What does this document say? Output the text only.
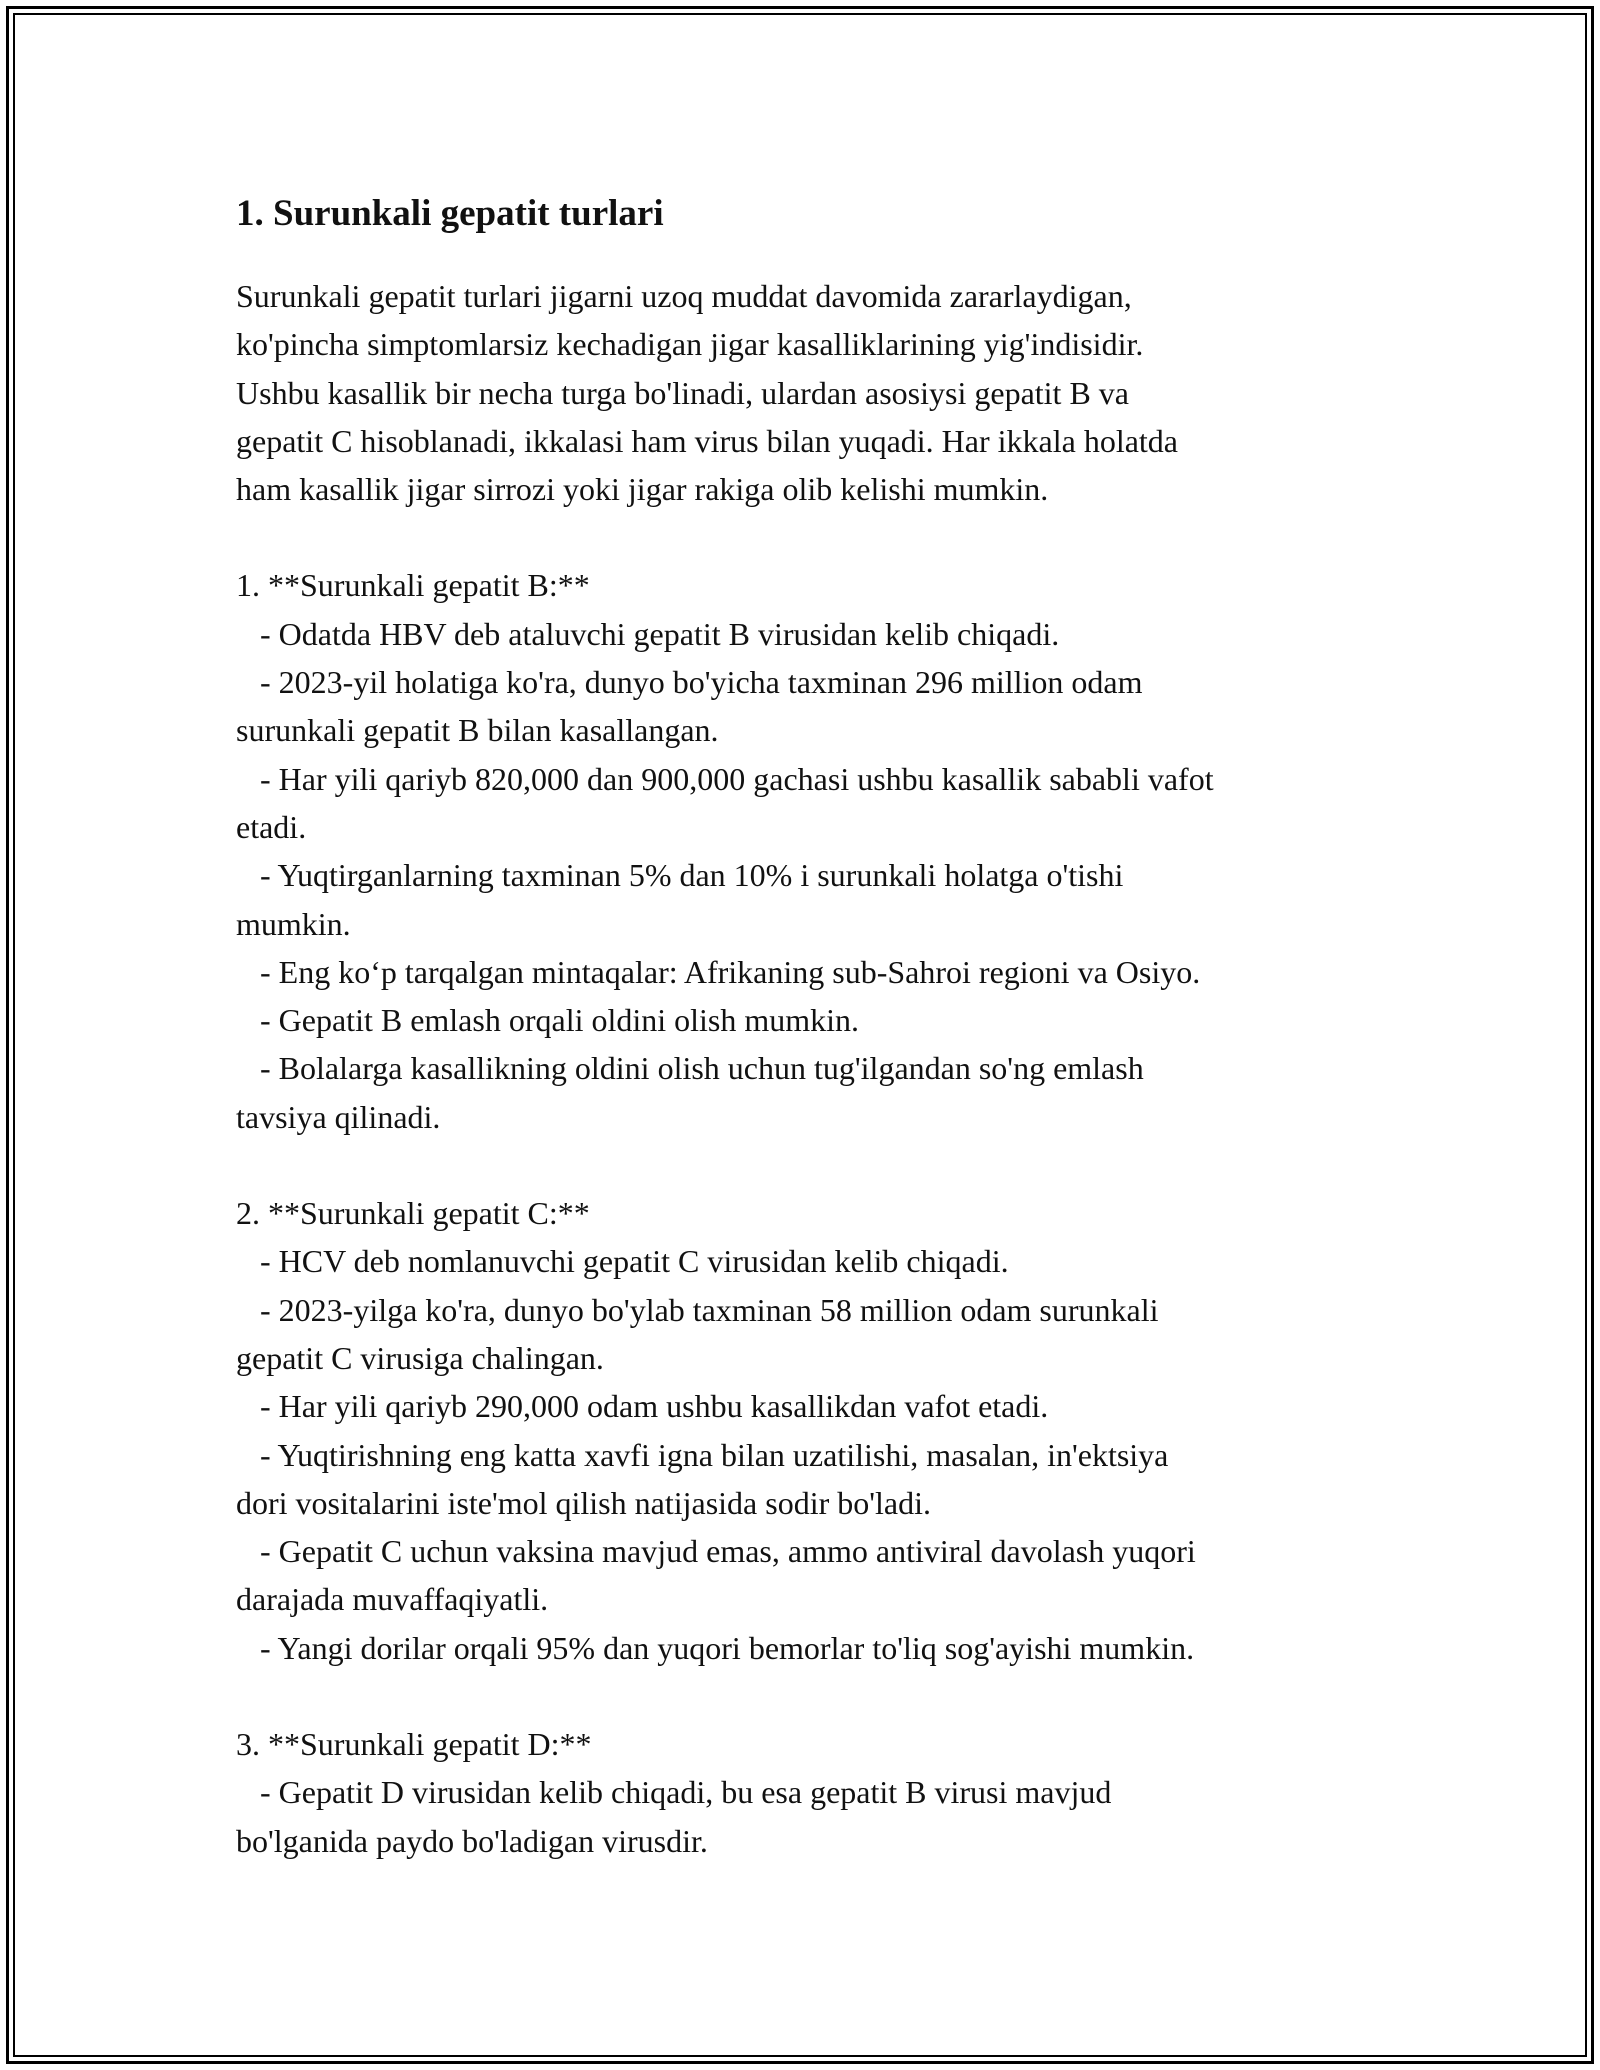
1. Surunkali gepatit turlari

Surunkali gepatit turlari jigarni uzoq muddat davomida zararlaydigan,
ko'pincha simptomlarsiz kechadigan jigar kasalliklarining yig'indisidir.
Ushbu kasallik bir necha turga bo'linadi, ulardan asosiysi gepatit B va
gepatit C hisoblanadi, ikkalasi ham virus bilan yuqadi. Har ikkala holatda
ham kasallik jigar sirrozi yoki jigar rakiga olib kelishi mumkin.

1. **Surunkali gepatit B:**

- Odatda HBV deb ataluvchi gepatit B virusidan kelib chiqadi.

- 2023-yil holatiga ko'ra, dunyo bo'yicha taxminan 296 million odam
surunkali gepatit B bilan kasallangan.

- Har yili qariyb 820,000 dan 900,000 gachasi ushbu kasallik sababli vafot
etadi.

- Yuqtirganlarning taxminan 5% dan 10% i surunkali holatga o'tishi
mumkin.

- Eng ko‘p tarqalgan mintaqalar: Afrikaning sub-Sahroi regioni va Osiyo.

- Gepatit B emlash orqali oldini olish mumkin.

- Bolalarga kasallikning oldini olish uchun tug'ilgandan so'ng emlash
tavsiya qilinadi.

2. **Surunkali gepatit C:**

- HCV deb nomlanuvchi gepatit C virusidan kelib chiqadi.

- 2023-yilga ko'ra, dunyo bo'ylab taxminan 58 million odam surunkali
gepatit C virusiga chalingan.

- Har yili qariyb 290,000 odam ushbu kasallikdan vafot etadi.

- Yuqtirishning eng katta xavfi igna bilan uzatilishi, masalan, in'ektsiya
dori vositalarini iste'mol qilish natijasida sodir bo'ladi.

- Gepatit C uchun vaksina mavjud emas, ammo antiviral davolash yuqori
darajada muvaffaqiyatli.

- Yangi dorilar orqali 95% dan yuqori bemorlar to'liq sog'ayishi mumkin.

3. **Surunkali gepatit D:**

- Gepatit D virusidan kelib chiqadi, bu esa gepatit B virusi mavjud
bo'lganida paydo bo'ladigan virusdir.
